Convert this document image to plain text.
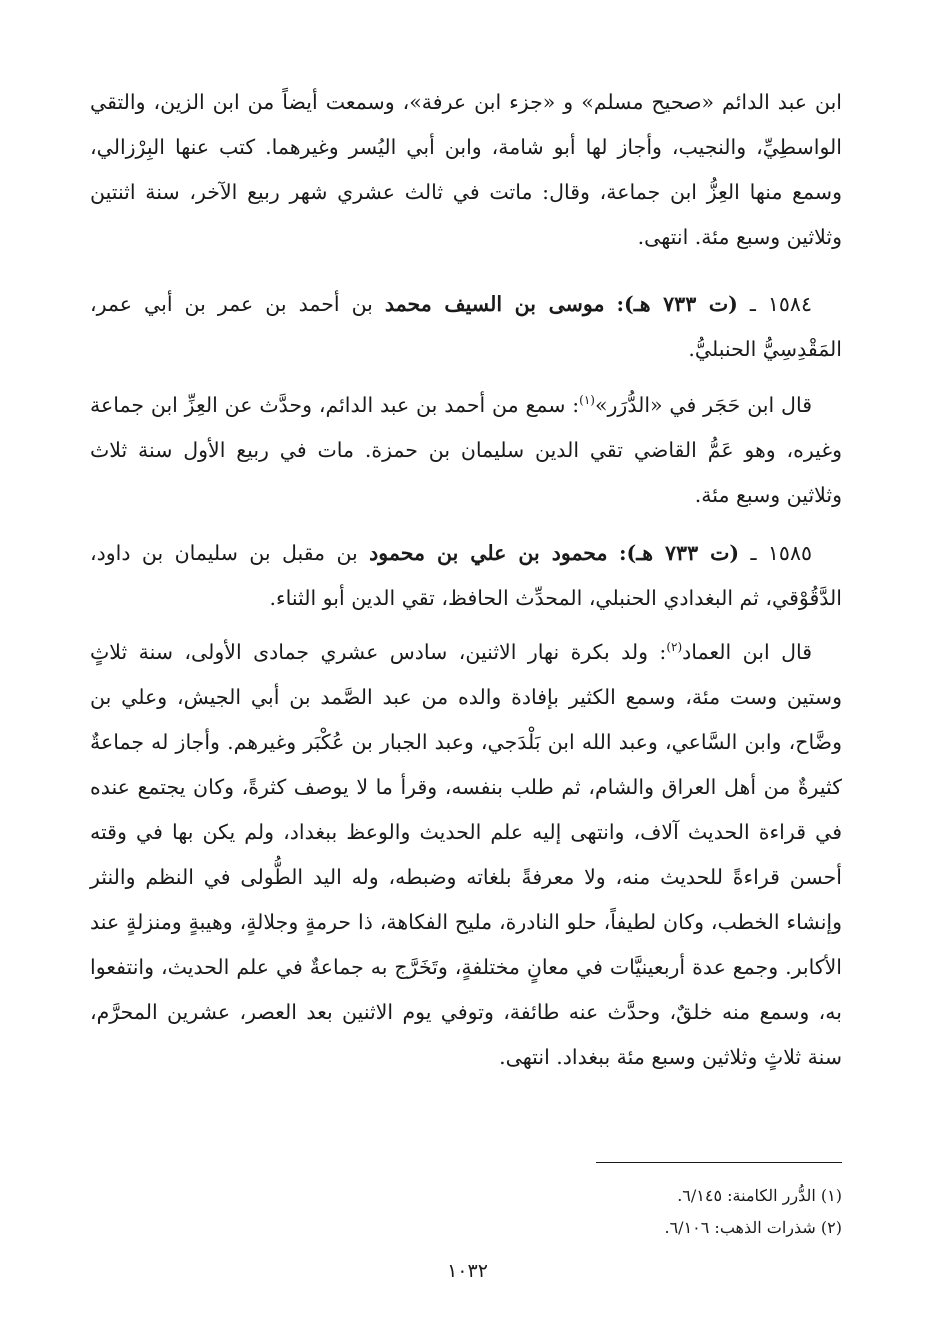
ابن عبد الدائم «صحيح مسلم» و «جزء ابن عرفة»، وسمعت أيضاً من ابن الزين، والتقي الواسطِيِّ، والنجيب، وأجاز لها أبو شامة، وابن أبي اليُسر وغيرهما. كتب عنها البِرْزالي، وسمع منها العِزُّ ابن جماعة، وقال: ماتت في ثالث عشري شهر ربيع الآخر، سنة اثنتين وثلاثين وسبع مئة. انتهى.

١٥٨٤ ـ (ت ٧٣٣ هـ): موسى بن السيف محمد بن أحمد بن عمر بن أبي عمر، المَقْدِسِيُّ الحنبليُّ.

قال ابن حَجَر في «الدُّرَر»$^{(١)}$: سمع من أحمد بن عبد الدائم، وحدَّث عن العِزِّ ابن جماعة وغيره، وهو عَمُّ القاضي تقي الدين سليمان بن حمزة. مات في ربيع الأول سنة ثلاث وثلاثين وسبع مئة.

١٥٨٥ ـ (ت ٧٣٣ هـ): محمود بن علي بن محمود بن مقبل بن سليمان بن داود، الدَّقُوْقي، ثم البغدادي الحنبلي، المحدِّث الحافظ، تقي الدين أبو الثناء.

قال ابن العماد$^{(٢)}$: ولد بكرة نهار الاثنين، سادس عشري جمادى الأولى، سنة ثلاثٍ وستين وست مئة، وسمع الكثير بإفادة والده من عبد الصَّمد بن أبي الجيش، وعلي بن وضَّاح، وابن السَّاعي، وعبد الله ابن بَلْدَجي، وعبد الجبار بن عُكْبَر وغيرهم. وأجاز له جماعةٌ كثيرةٌ من أهل العراق والشام، ثم طلب بنفسه، وقرأ ما لا يوصف كثرةً، وكان يجتمع عنده في قراءة الحديث آلاف، وانتهى إليه علم الحديث والوعظ ببغداد، ولم يكن بها في وقته أحسن قراءةً للحديث منه، ولا معرفةً بلغاته وضبطه، وله اليد الطُّولى في النظم والنثر وإنشاء الخطب، وكان لطيفاً، حلو النادرة، مليح الفكاهة، ذا حرمةٍ وجلالةٍ، وهيبةٍ ومنزلةٍ عند الأكابر. وجمع عدة أربعينيَّات في معانٍ مختلفةٍ، وتَخَرَّج به جماعةٌ في علم الحديث، وانتفعوا به، وسمع منه خلقٌ، وحدَّث عنه طائفة، وتوفي يوم الاثنين بعد العصر، عشرين المحرَّم، سنة ثلاثٍ وثلاثين وسبع مئة ببغداد. انتهى.

(١) الدُّرر الكامنة: ٦/١٤٥.

(٢) شذرات الذهب: ٦/١٠٦.

١٠٣٢
